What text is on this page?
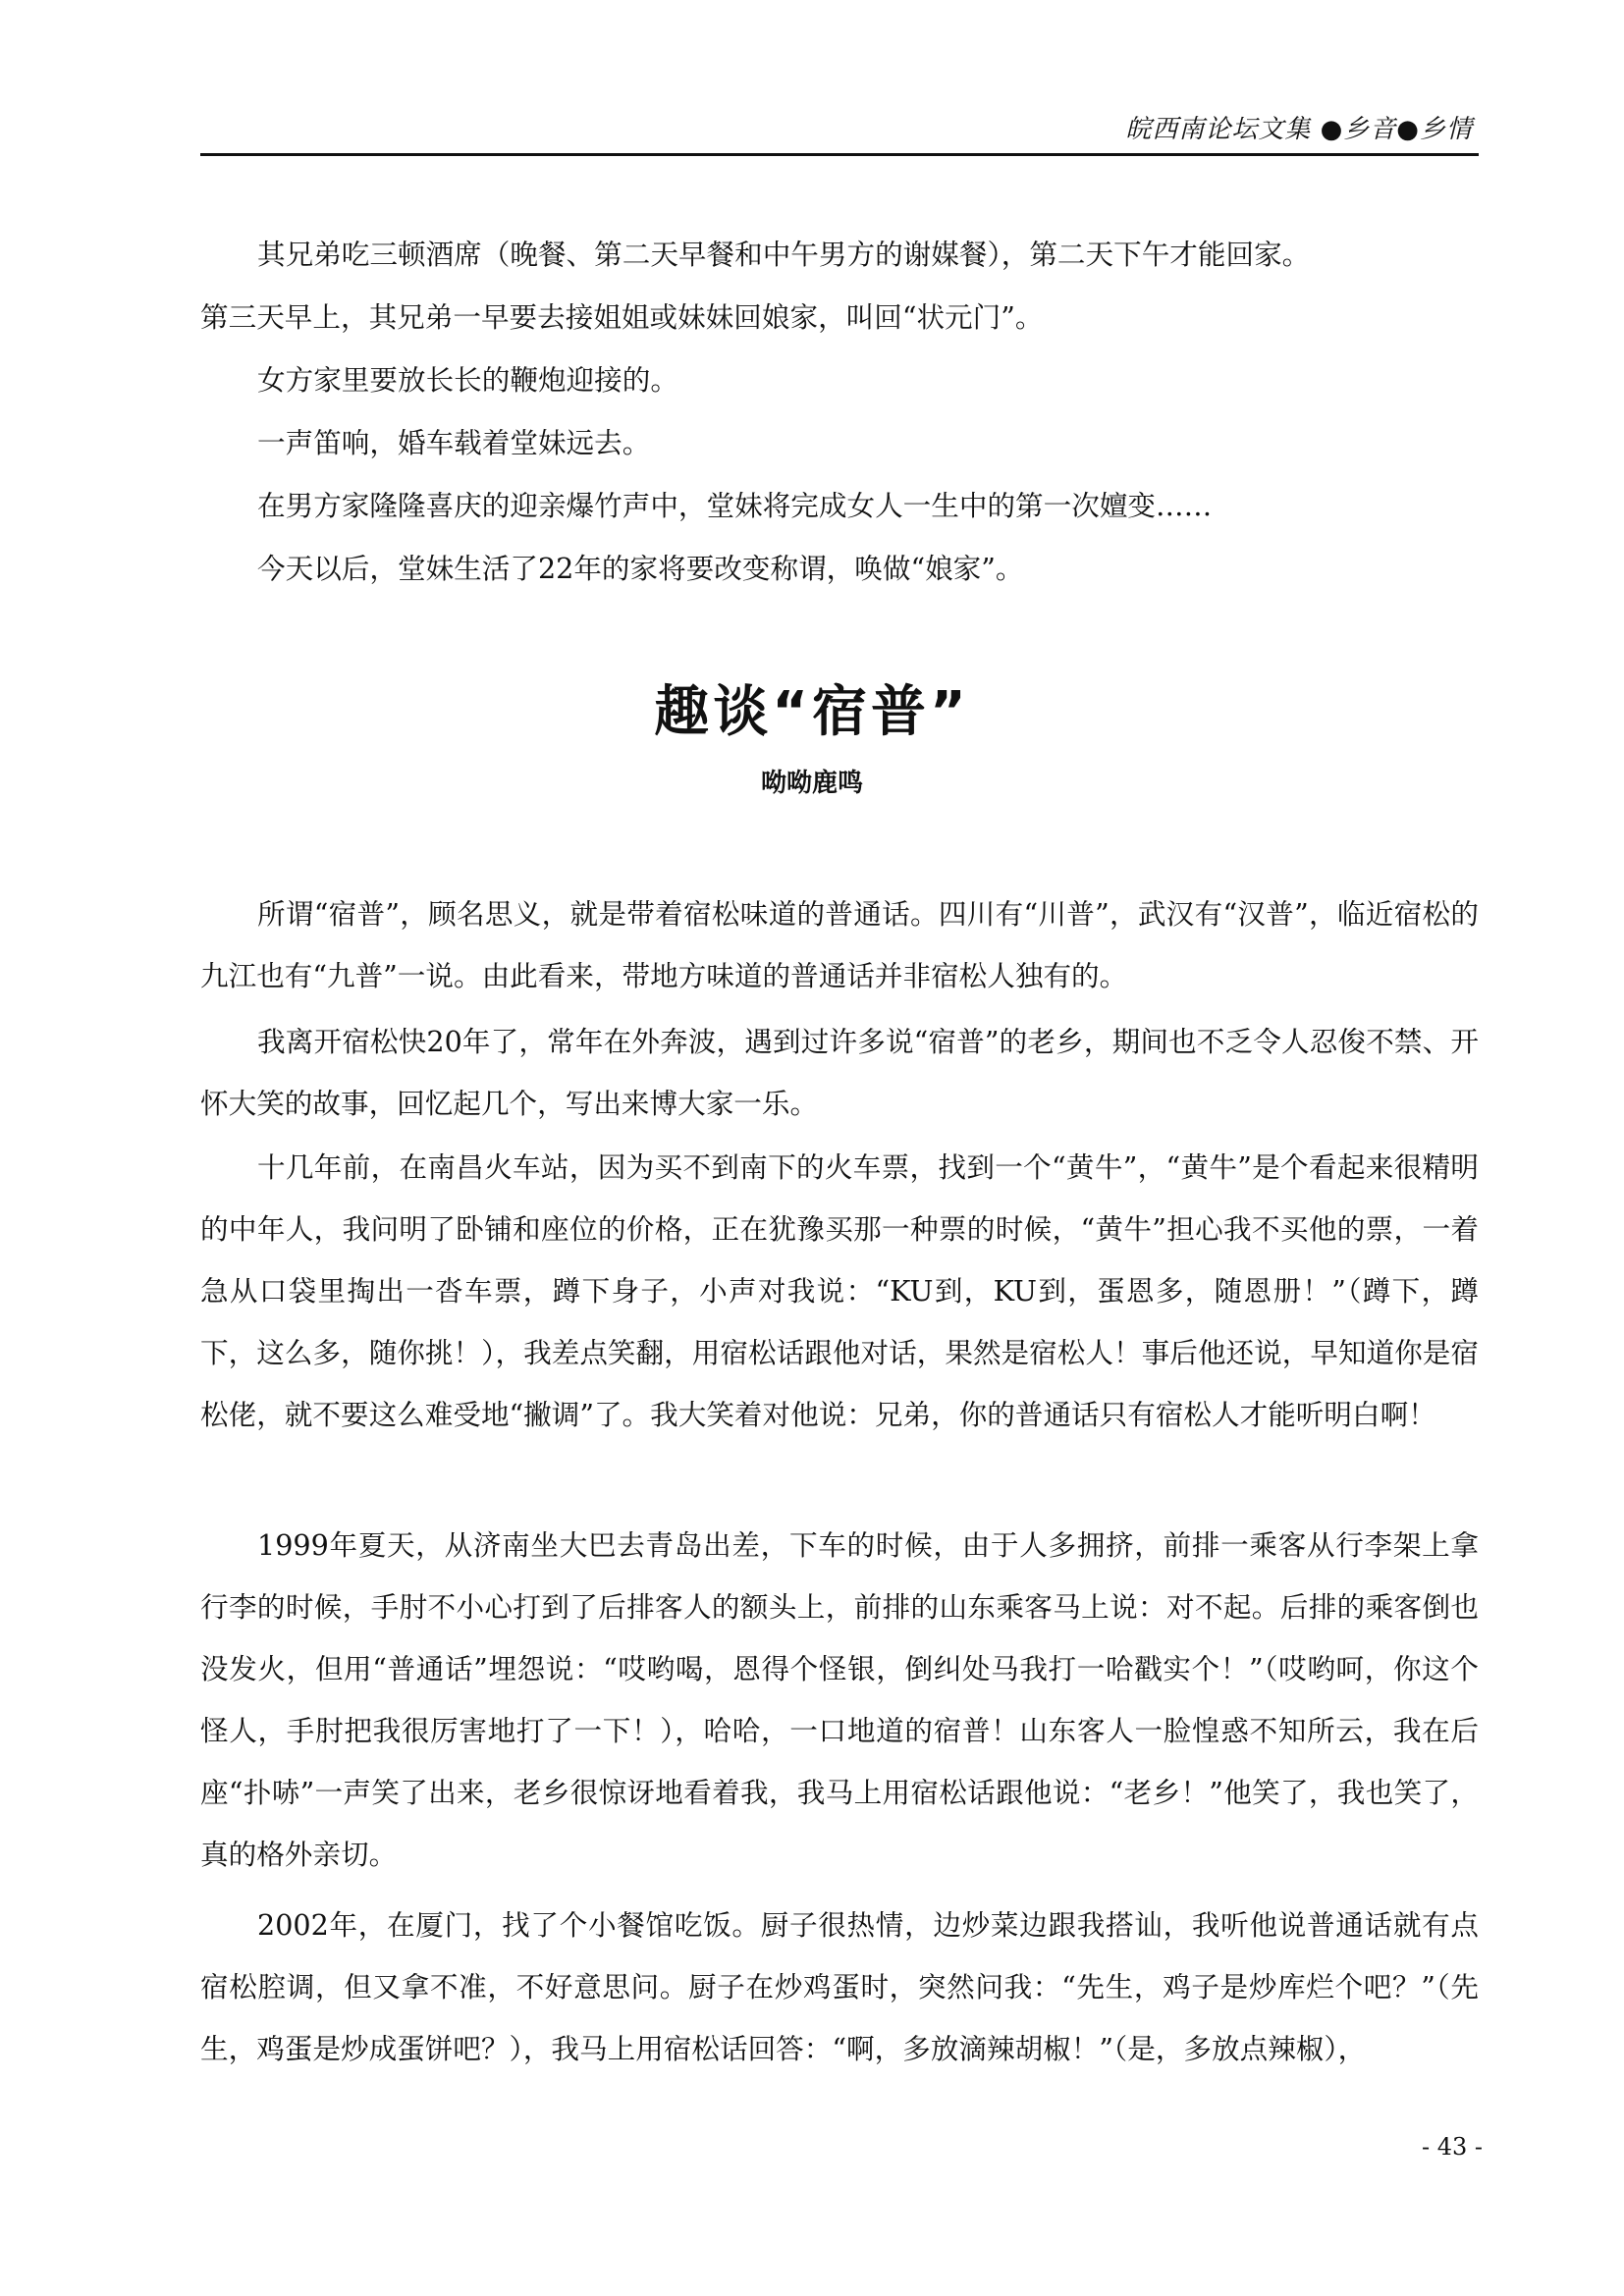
皖西南论坛文集 ●乡音●乡情

其兄弟吃三顿酒席（晚餐、第二天早餐和中午男方的谢媒餐），第二天下午才能回家。

第三天早上，其兄弟一早要去接姐姐或妹妹回娘家，叫回“状元门”。

女方家里要放长长的鞭炮迎接的。

一声笛响，婚车载着堂妹远去。

在男方家隆隆喜庆的迎亲爆竹声中，堂妹将完成女人一生中的第一次嬗变……

今天以后，堂妹生活了22年的家将要改变称谓，唤做“娘家”。

趣谈“宿普”
呦呦鹿鸣

所谓“宿普”，顾名思义，就是带着宿松味道的普通话。四川有“川普”，武汉有“汉普”，临近宿松的九江也有“九普”一说。由此看来，带地方味道的普通话并非宿松人独有的。

我离开宿松快20年了，常年在外奔波，遇到过许多说“宿普”的老乡，期间也不乏令人忍俊不禁、开怀大笑的故事，回忆起几个，写出来博大家一乐。

十几年前，在南昌火车站，因为买不到南下的火车票，找到一个“黄牛”，“黄牛”是个看起来很精明的中年人，我问明了卧铺和座位的价格，正在犹豫买那一种票的时候，“黄牛”担心我不买他的票，一着急从口袋里掏出一沓车票，蹲下身子，小声对我说：“KU到，KU到，蛋恩多，随恩册！”（蹲下，蹲下，这么多，随你挑！），我差点笑翻，用宿松话跟他对话，果然是宿松人！事后他还说，早知道你是宿松佬，就不要这么难受地“撇调”了。我大笑着对他说：兄弟，你的普通话只有宿松人才能听明白啊！

1999年夏天，从济南坐大巴去青岛出差，下车的时候，由于人多拥挤，前排一乘客从行李架上拿行李的时候，手肘不小心打到了后排客人的额头上，前排的山东乘客马上说：对不起。后排的乘客倒也没发火，但用“普通话”埋怨说：“哎哟喝，恩得个怪银，倒纠处马我打一哈戳实个！”（哎哟呵，你这个怪人，手肘把我很厉害地打了一下！），哈哈，一口地道的宿普！山东客人一脸惶惑不知所云，我在后座“扑哧”一声笑了出来，老乡很惊讶地看着我，我马上用宿松话跟他说：“老乡！”他笑了，我也笑了，真的格外亲切。

2002年，在厦门，找了个小餐馆吃饭。厨子很热情，边炒菜边跟我搭讪，我听他说普通话就有点宿松腔调，但又拿不准，不好意思问。厨子在炒鸡蛋时，突然问我：“先生，鸡子是炒库烂个吧？”（先生，鸡蛋是炒成蛋饼吧？），我马上用宿松话回答：“啊，多放滴辣胡椒！”（是，多放点辣椒），

- 43 -
